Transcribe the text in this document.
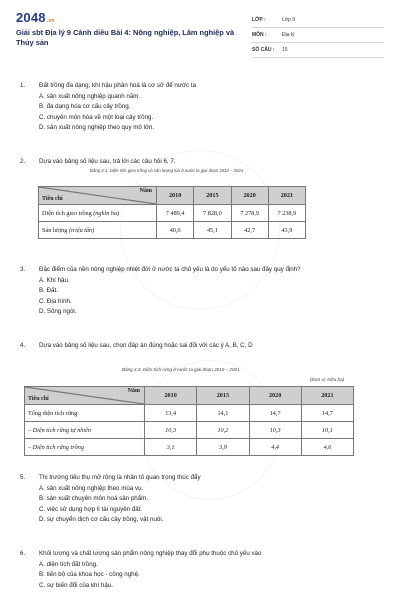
2048.vn
Giải sbt Địa lý 9 Cánh diều Bài 4: Nông nghiệp, Lâm nghiệp và Thủy sản
LỚP :	Lớp 9
MÔN :	Địa lý
SỐ CÂU :	15
1.	Đất trồng đa dạng, khí hậu phân hoá là cơ sở để nước ta
A. sản xuất nông nghiệp quanh năm.
B. đa dạng hóa cơ cấu cây trồng.
C. chuyên môn hóa về một loại cây trồng.
D. sản xuất nông nghiệp theo quy mô lớn.
2.	Dựa vào bảng số liệu sau, trả lời các câu hỏi 6, 7.
Bảng 4.1. Diện tích gieo trồng và sản lượng lúa ở nước ta giai đoạn 2010 – 2021
Năm
Tiêu chí	2010	2015	2020	2021
Diện tích gieo trồng (nghìn ha)	7 489,4	7 828,0	7 278,9	7 238,9
Sản lượng (triệu tấn)	40,0	45,1	42,7	43,9
3.	Đặc điểm của nền nông nghiệp nhiệt đới ở nước ta chủ yếu là do yếu tố nào sau đây quy định?
A. Khí hậu.
B. Đất.
C. Địa hình.
D. Sông ngòi.
4.	Dựa vào bảng số liệu sau, chọn đáp án đúng hoặc sai đối với các ý A, B, C, D
Bảng 4.3. Diện tích rừng ở nước ta giai đoạn 2010 – 2021
(Đơn vị: triệu ha)
Năm
Tiêu chí	2010	2015	2020	2021
Tổng diện tích rừng	13,4	14,1	14,7	14,7
– Diện tích rừng tự nhiên	10,3	10,2	10,3	10,1
– Diện tích rừng trồng	3,1	3,9	4,4	4,6
5.	Thị trường tiêu thụ mở rộng là nhân tố quan trọng thúc đẩy
A. sản xuất nông nghiệp theo mùa vụ.
B. sản xuất chuyên môn hoá sản phẩm.
C. việc sử dụng hợp lí tài nguyên đất.
D. sự chuyển dịch cơ cấu cây trồng, vật nuôi.
6.	Khối lượng và chất lượng sản phẩm nông nghiệp thay đổi phụ thuộc chủ yếu vào
A. diện tích đất trồng.
B. tiến bộ của khoa học - công nghệ.
C. sự biến đổi của khí hậu.
